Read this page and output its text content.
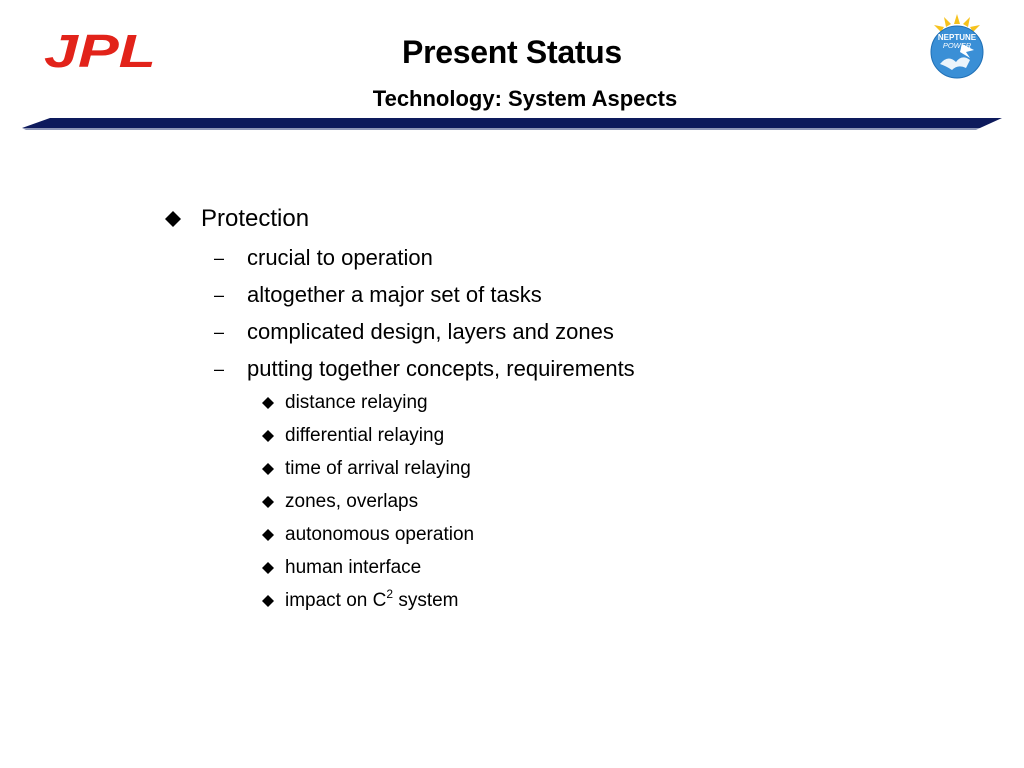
JPL	Present Status
Technology: System Aspects
NEPTUNE
POWER
Protection
–	crucial to operation
–	altogether a major set of tasks
–	complicated design, layers and zones
–	putting together concepts, requirements
distance relaying
differential relaying
time of arrival relaying
zones, overlaps
autonomous operation
human interface
impact on $C^2$ system
